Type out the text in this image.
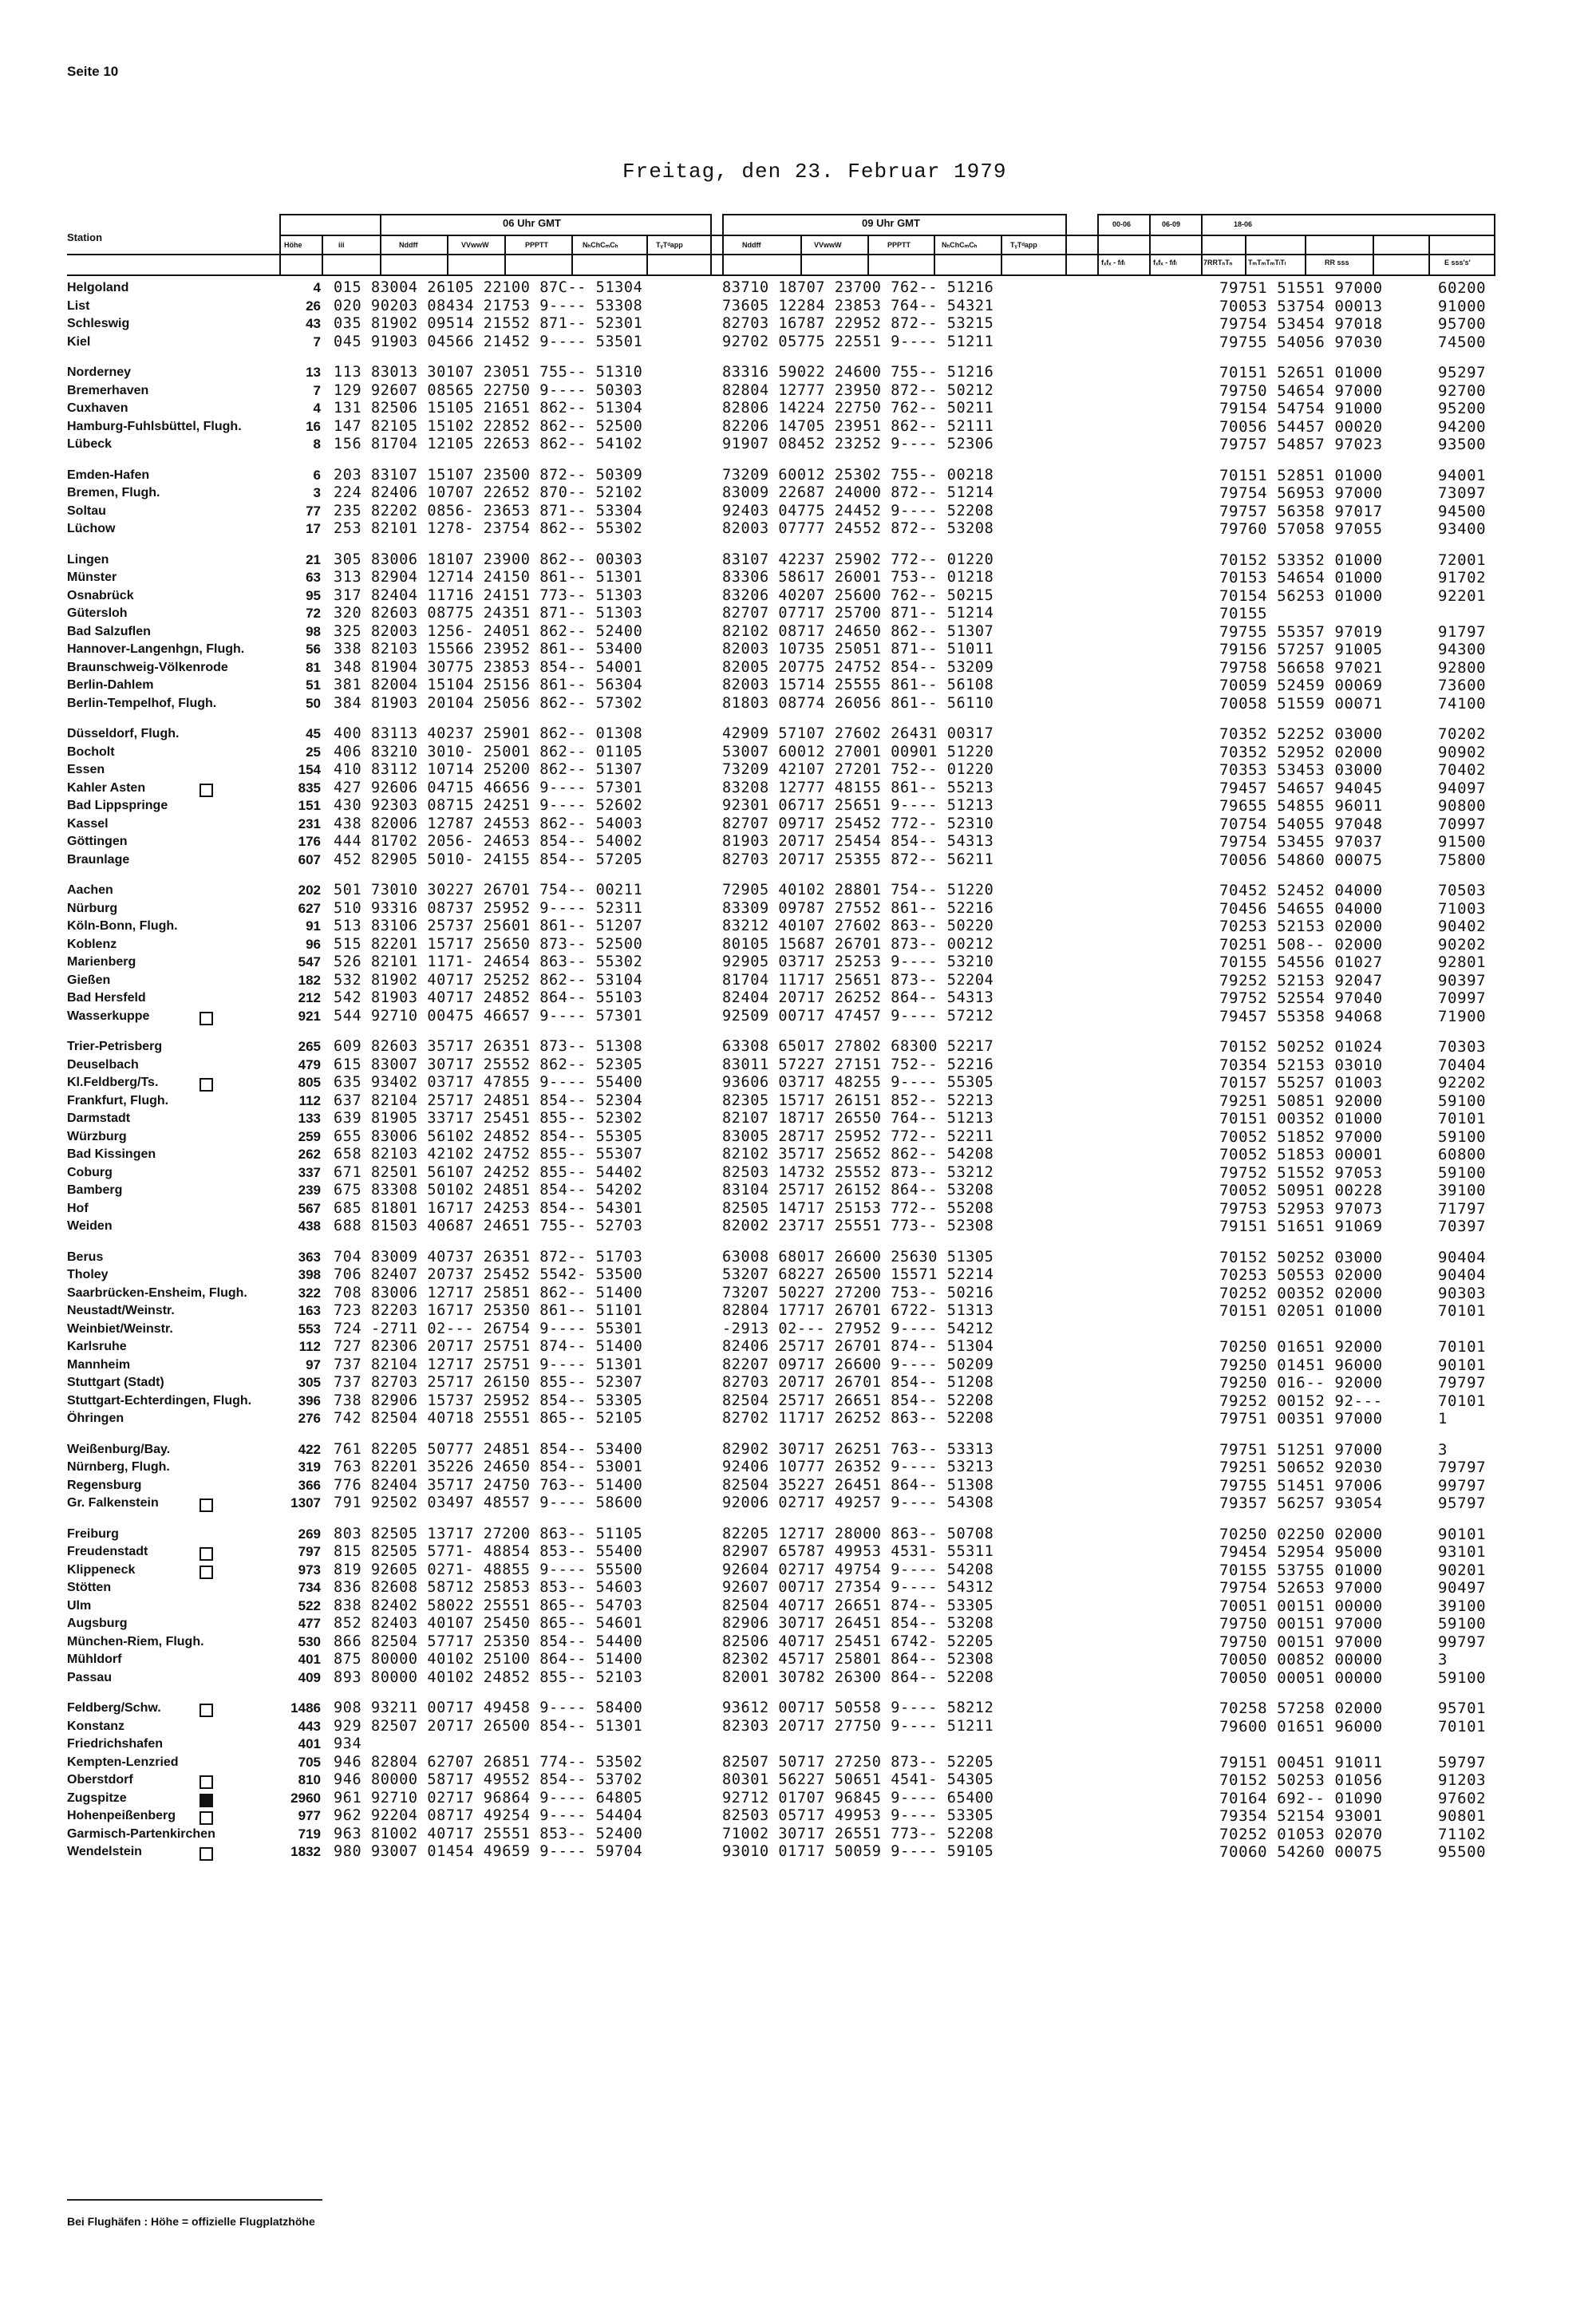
Seite 10
Freitag, den 23. Februar 1979
Station
Höhe	iii
06 Uhr GMT	09 Uhr GMT
Nddff	VVwwW	PPPTT	NₕChCₘCₕ	TᵧTᵈapp	Nddff	VVwwW	PPPTT	NₕChCₘCₕ	TᵧTᵈapp
00-06	06-09	18-06
fₓfₓ - fₗfₗ	fₓfₓ - fₗfₗ	7RRTₙTₙ TₘTₘTₘTₗTₗ	RR sss	E sss's'
Helgoland	4 015 83004 26105 22100 87C-- 51304	83710 18707 23700 762-- 51216	79751 51551 97000	60200
List	26 020 90203 08434 21753 9---- 53308	73605 12284 23853 764-- 54321	70053 53754 00013	91000
Schleswig	43 035 81902 09514 21552 871-- 52301	82703 16787 22952 872-- 53215	79754 53454 97018	95700
Kiel	7 045 91903 04566 21452 9---- 53501	92702 05775 22551 9---- 51211	79755 54056 97030	74500
Norderney	13 113 83013 30107 23051 755-- 51310	83316 59022 24600 755-- 51216	70151 52651 01000	95297
Bremerhaven	7 129 92607 08565 22750 9---- 50303	82804 12777 23950 872-- 50212	79750 54654 97000	92700
Cuxhaven	4 131 82506 15105 21651 862-- 51304	82806 14224 22750 762-- 50211	79154 54754 91000	95200
Hamburg-Fuhlsbüttel, Flugh.	16 147 82105 15102 22852 862-- 52500	82206 14705 23951 862-- 52111	70056 54457 00020	94200
Lübeck	8 156 81704 12105 22653 862-- 54102	91907 08452 23252 9---- 52306	79757 54857 97023	93500
Emden-Hafen	6 203 83107 15107 23500 872-- 50309	73209 60012 25302 755-- 00218	70151 52851 01000	94001
Bremen, Flugh.	3 224 82406 10707 22652 870-- 52102	83009 22687 24000 872-- 51214	79754 56953 97000	73097
Soltau	77 235 82202 0856- 23653 871-- 53304	92403 04775 24452 9---- 52208	79757 56358 97017	94500
Lüchow	17 253 82101 1278- 23754 862-- 55302	82003 07777 24552 872-- 53208	79760 57058 97055	93400
Lingen	21 305 83006 18107 23900 862-- 00303	83107 42237 25902 772-- 01220	70152 53352 01000	72001
Münster	63 313 82904 12714 24150 861-- 51301	83306 58617 26001 753-- 01218	70153 54654 01000	91702
Osnabrück	95 317 82404 11716 24151 773-- 51303	83206 40207 25600 762-- 50215	70154 56253 01000	92201
Gütersloh	72 320 82603 08775 24351 871-- 51303	82707 07717 25700 871-- 51214	70155
Bad Salzuflen	98 325 82003 1256- 24051 862-- 52400	82102 08717 24650 862-- 51307	79755 55357 97019	91797
Hannover-Langenhgn, Flugh.	56 338 82103 15566 23952 861-- 53400	82003 10735 25051 871-- 51011	79156 57257 91005	94300
Braunschweig-Völkenrode	81 348 81904 30775 23853 854-- 54001	82005 20775 24752 854-- 53209	79758 56658 97021	92800
Berlin-Dahlem	51 381 82004 15104 25156 861-- 56304	82003 15714 25555 861-- 56108	70059 52459 00069	73600
Berlin-Tempelhof, Flugh.	50 384 81903 20104 25056 862-- 57302	81803 08774 26056 861-- 56110	70058 51559 00071	74100
Düsseldorf, Flugh.	45 400 83113 40237 25901 862-- 01308	42909 57107 27602 26431 00317	70352 52252 03000	70202
Bocholt	25 406 83210 3010- 25001 862-- 01105	53007 60012 27001 00901 51220	70352 52952 02000	90902
Essen	154 410 83112 10714 25200 862-- 51307	73209 42107 27201 752-- 01220	70353 53453 03000	70402
Kahler Asten	835 427 92606 04715 46656 9---- 57301	83208 12777 48155 861-- 55213	79457 54657 94045	94097
Bad Lippspringe	151 430 92303 08715 24251 9---- 52602	92301 06717 25651 9---- 51213	79655 54855 96011	90800
Kassel	231 438 82006 12787 24553 862-- 54003	82707 09717 25452 772-- 52310	70754 54055 97048	70997
Göttingen	176 444 81702 2056- 24653 854-- 54002	81903 20717 25454 854-- 54313	79754 53455 97037	91500
Braunlage	607 452 82905 5010- 24155 854-- 57205	82703 20717 25355 872-- 56211	70056 54860 00075	75800
Aachen	202 501 73010 30227 26701 754-- 00211	72905 40102 28801 754-- 51220	70452 52452 04000	70503
Nürburg	627 510 93316 08737 25952 9---- 52311	83309 09787 27552 861-- 52216	70456 54655 04000	71003
Köln-Bonn, Flugh.	91 513 83106 25737 25601 861-- 51207	83212 40107 27602 863-- 50220	70253 52153 02000	90402
Koblenz	96 515 82201 15717 25650 873-- 52500	80105 15687 26701 873-- 00212	70251 508-- 02000	90202
Marienberg	547 526 82101 1171- 24654 863-- 55302	92905 03717 25253 9---- 53210	70155 54556 01027	92801
Gießen	182 532 81902 40717 25252 862-- 53104	81704 11717 25651 873-- 52204	79252 52153 92047	90397
Bad Hersfeld	212 542 81903 40717 24852 864-- 55103	82404 20717 26252 864-- 54313	79752 52554 97040	70997
Wasserkuppe	921 544 92710 00475 46657 9---- 57301	92509 00717 47457 9---- 57212	79457 55358 94068	71900
Trier-Petrisberg	265 609 82603 35717 26351 873-- 51308	63308 65017 27802 68300 52217	70152 50252 01024	70303
Deuselbach	479 615 83007 30717 25552 862-- 52305	83011 57227 27151 752-- 52216	70354 52153 03010	70404
Kl.Feldberg/Ts.	805 635 93402 03717 47855 9---- 55400	93606 03717 48255 9---- 55305	70157 55257 01003	92202
Frankfurt, Flugh.	112 637 82104 25717 24851 854-- 52304	82305 15717 26151 852-- 52213	79251 50851 92000	59100
Darmstadt	133 639 81905 33717 25451 855-- 52302	82107 18717 26550 764-- 51213	70151 00352 01000	70101
Würzburg	259 655 83006 56102 24852 854-- 55305	83005 28717 25952 772-- 52211	70052 51852 97000	59100
Bad Kissingen	262 658 82103 42102 24752 855-- 55307	82102 35717 25652 862-- 54208	70052 51853 00001	60800
Coburg	337 671 82501 56107 24252 855-- 54402	82503 14732 25552 873-- 53212	79752 51552 97053	59100
Bamberg	239 675 83308 50102 24851 854-- 54202	83104 25717 26152 864-- 53208	70052 50951 00228	39100
Hof	567 685 81801 16717 24253 854-- 54301	82505 14717 25153 772-- 55208	79753 52953 97073	71797
Weiden	438 688 81503 40687 24651 755-- 52703	82002 23717 25551 773-- 52308	79151 51651 91069	70397
Berus	363 704 83009 40737 26351 872-- 51703	63008 68017 26600 25630 51305	70152 50252 03000	90404
Tholey	398 706 82407 20737 25452 5542- 53500	53207 68227 26500 15571 52214	70253 50553 02000	90404
Saarbrücken-Ensheim, Flugh.	322 708 83006 12717 25851 862-- 51400	73207 50227 27200 753-- 50216	70252 00352 02000	90303
Neustadt/Weinstr.	163 723 82203 16717 25350 861-- 51101	82804 17717 26701 6722- 51313	70151 02051 01000	70101
Weinbiet/Weinstr.	553 724 -2711 02--- 26754 9---- 55301	-2913 02--- 27952 9---- 54212
Karlsruhe	112 727 82306 20717 25751 874-- 51400	82406 25717 26701 874-- 51304	70250 01651 92000	70101
Mannheim	97 737 82104 12717 25751 9---- 51301	82207 09717 26600 9---- 50209	79250 01451 96000	90101
Stuttgart (Stadt)	305 737 82703 25717 26150 855-- 52307	82703 20717 26701 854-- 51208	79250 016-- 92000	79797
Stuttgart-Echterdingen, Flugh.	396 738 82906 15737 25952 854-- 53305	82504 25717 26651 854-- 52208	79252 00152 92---	70101
Öhringen	276 742 82504 40718 25551 865-- 52105	82702 11717 26252 863-- 52208	79751 00351 97000	1
Weißenburg/Bay.	422 761 82205 50777 24851 854-- 53400	82902 30717 26251 763-- 53313	79751 51251 97000	3
Nürnberg, Flugh.	319 763 82201 35226 24650 854-- 53001	92406 10777 26352 9---- 53213	79251 50652 92030	79797
Regensburg	366 776 82404 35717 24750 763-- 51400	82504 35227 26451 864-- 51308	79755 51451 97006	99797
Gr. Falkenstein	1307 791 92502 03497 48557 9---- 58600	92006 02717 49257 9---- 54308	79357 56257 93054	95797
Freiburg	269 803 82505 13717 27200 863-- 51105	82205 12717 28000 863-- 50708	70250 02250 02000	90101
Freudenstadt	797 815 82505 5771- 48854 853-- 55400	82907 65787 49953 4531- 55311	79454 52954 95000	93101
Klippeneck	973 819 92605 0271- 48855 9---- 55500	92604 02717 49754 9---- 54208	70155 53755 01000	90201
Stötten	734 836 82608 58712 25853 853-- 54603	92607 00717 27354 9---- 54312	79754 52653 97000	90497
Ulm	522 838 82402 58022 25551 865-- 54703	82504 40717 26651 874-- 53305	70051 00151 00000	39100
Augsburg	477 852 82403 40107 25450 865-- 54601	82906 30717 26451 854-- 53208	79750 00151 97000	59100
München-Riem, Flugh.	530 866 82504 57717 25350 854-- 54400	82506 40717 25451 6742- 52205	79750 00151 97000	99797
Mühldorf	401 875 80000 40102 25100 864-- 51400	82302 45717 25801 864-- 52308	70050 00852 00000	3
Passau	409 893 80000 40102 24852 855-- 52103	82001 30782 26300 864-- 52208	70050 00051 00000	59100
Feldberg/Schw.	1486 908 93211 00717 49458 9---- 58400	93612 00717 50558 9---- 58212	70258 57258 02000	95701
Konstanz	443 929 82507 20717 26500 854-- 51301	82303 20717 27750 9---- 51211	79600 01651 96000	70101
Friedrichshafen	401 934
Kempten-Lenzried	705 946 82804 62707 26851 774-- 53502	82507 50717 27250 873-- 52205	79151 00451 91011	59797
Oberstdorf	810 946 80000 58717 49552 854-- 53702	80301 56227 50651 4541- 54305	70152 50253 01056	91203
Zugspitze	2960 961 92710 02717 96864 9---- 64805	92712 01707 96845 9---- 65400	70164 692-- 01090	97602
Hohenpeißenberg	977 962 92204 08717 49254 9---- 54404	82503 05717 49953 9---- 53305	79354 52154 93001	90801
Garmisch-Partenkirchen	719 963 81002 40717 25551 853-- 52400	71002 30717 26551 773-- 52208	70252 01053 02070	71102
Wendelstein	1832 980 93007 01454 49659 9---- 59704	93010 01717 50059 9---- 59105	70060 54260 00075	95500
Bei Flughäfen : Höhe = offizielle Flugplatzhöhe
